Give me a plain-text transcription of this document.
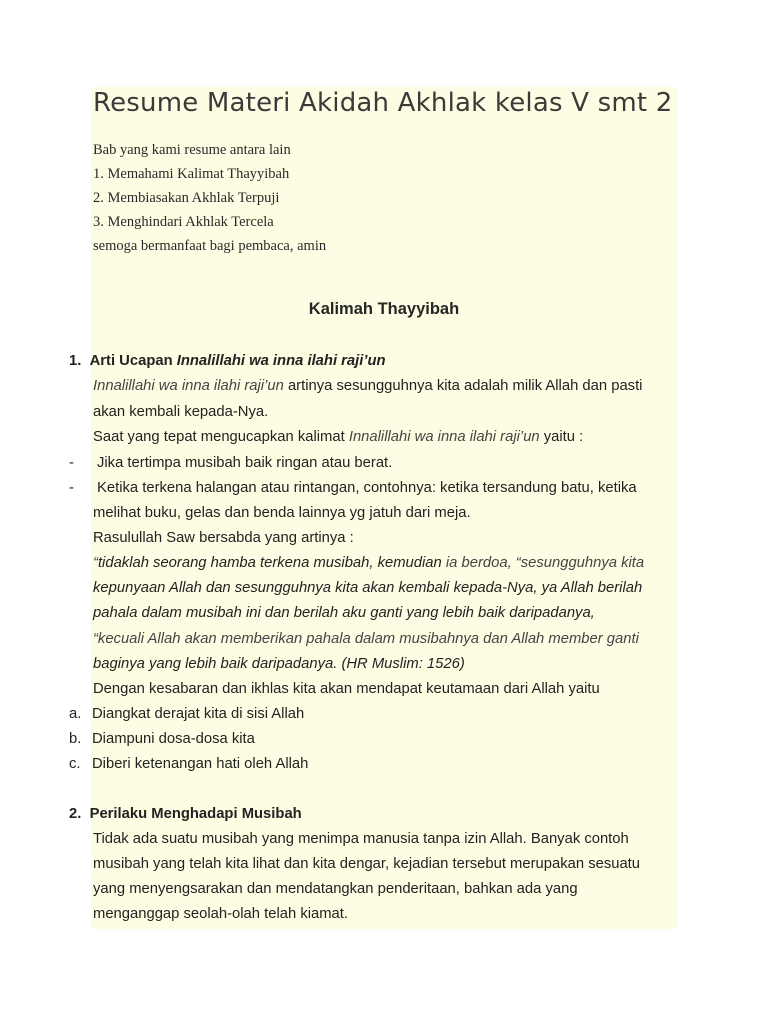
Resume Materi Akidah Akhlak kelas V smt 2
Bab yang kami resume antara lain
1. Memahami Kalimat Thayyibah
2. Membiasakan Akhlak Terpuji
3. Menghindari Akhlak Tercela
semoga bermanfaat bagi pembaca, amin
Kalimah Thayyibah
1. Arti Ucapan Innalillahi wa inna ilahi raji’un
Innalillahi wa inna ilahi raji’un artinya sesungguhnya kita adalah milik Allah dan pasti
akan kembali kepada-Nya.
Saat yang tepat mengucapkan kalimat Innalillahi wa inna ilahi raji’un yaitu :
- Jika tertimpa musibah baik ringan atau berat.
- Ketika terkena halangan atau rintangan, contohnya: ketika tersandung batu, ketika
melihat buku, gelas dan benda lainnya yg jatuh dari meja.
Rasulullah Saw bersabda yang artinya :
“tidaklah seorang hamba terkena musibah, kemudian ia berdoa, “sesungguhnya kita
kepunyaan Allah dan sesungguhnya kita akan kembali kepada-Nya, ya Allah berilah
pahala dalam musibah ini dan berilah aku ganti yang lebih baik daripadanya,
“kecuali Allah akan memberikan pahala dalam musibahnya dan Allah member ganti
baginya yang lebih baik daripadanya. (HR Muslim: 1526)
Dengan kesabaran dan ikhlas kita akan mendapat keutamaan dari Allah yaitu
a. Diangkat derajat kita di sisi Allah
b. Diampuni dosa-dosa kita
c. Diberi ketenangan hati oleh Allah
2. Perilaku Menghadapi Musibah
Tidak ada suatu musibah yang menimpa manusia tanpa izin Allah. Banyak contoh
musibah yang telah kita lihat dan kita dengar, kejadian tersebut merupakan sesuatu
yang menyengsarakan dan mendatangkan penderitaan, bahkan ada yang
menganggap seolah-olah telah kiamat.
